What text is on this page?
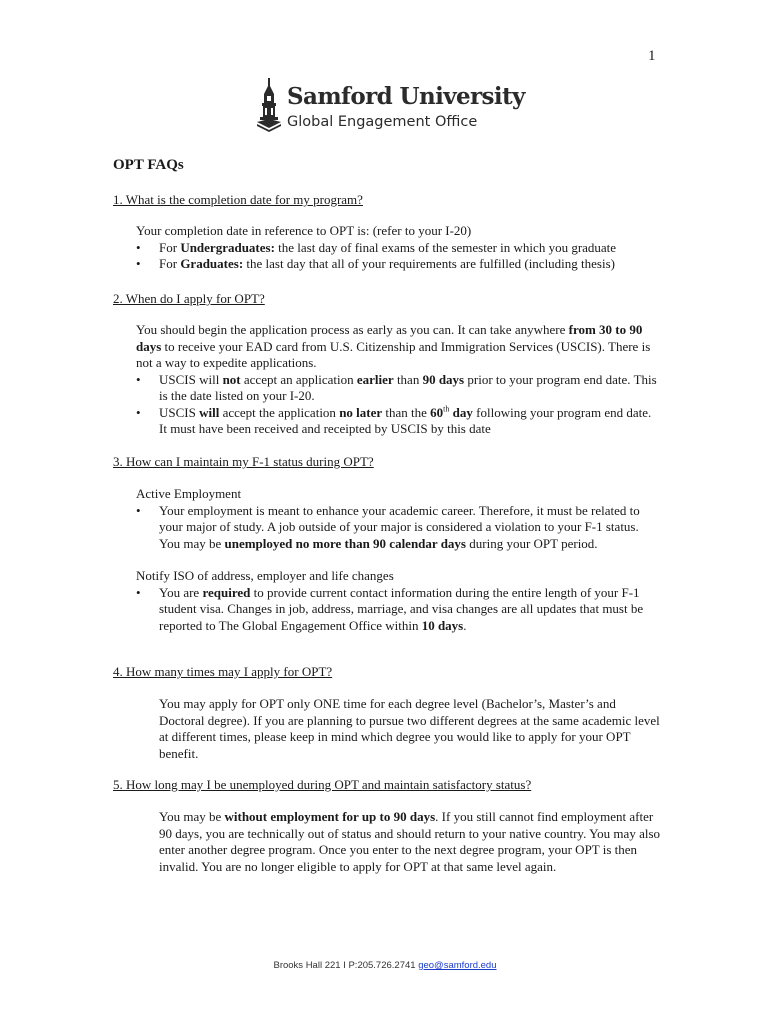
1
Samford University
Global Engagement Office
OPT FAQs
1. What is the completion date for my program?

Your completion date in reference to OPT is: (refer to your I-20)

• For Undergraduates: the last day of final exams of the semester in which you graduate
• For Graduates: the last day that all of your requirements are fulfilled (including thesis)
2. When do I apply for OPT?

You should begin the application process as early as you can. It can take anywhere from 30 to 90 days to receive your EAD card from U.S. Citizenship and Immigration Services (USCIS). There is not a way to expedite applications.

• USCIS will not accept an application earlier than 90 days prior to your program end date. This is the date listed on your I-20.
• USCIS will accept the application no later than the 60th day following your program end date. It must have been received and receipted by USCIS by this date
3. How can I maintain my F-1 status during OPT?

Active Employment

• Your employment is meant to enhance your academic career. Therefore, it must be related to your major of study. A job outside of your major is considered a violation to your F-1 status. You may be unemployed no more than 90 calendar days during your OPT period.

Notify ISO of address, employer and life changes

• You are required to provide current contact information during the entire length of your F-1 student visa. Changes in job, address, marriage, and visa changes are all updates that must be reported to The Global Engagement Office within 10 days.
4. How many times may I apply for OPT?

You may apply for OPT only ONE time for each degree level (Bachelor’s, Master’s and Doctoral degree). If you are planning to pursue two different degrees at the same academic level at different times, please keep in mind which degree you would like to apply for your OPT benefit.

5. How long may I be unemployed during OPT and maintain satisfactory status?

You may be without employment for up to 90 days. If you still cannot find employment after 90 days, you are technically out of status and should return to your native country. You may also enter another degree program. Once you enter to the next degree program, your OPT is then invalid. You are no longer eligible to apply for OPT at that same level again.

Brooks Hall 221 I P:205.726.2741 geo@samford.edu
